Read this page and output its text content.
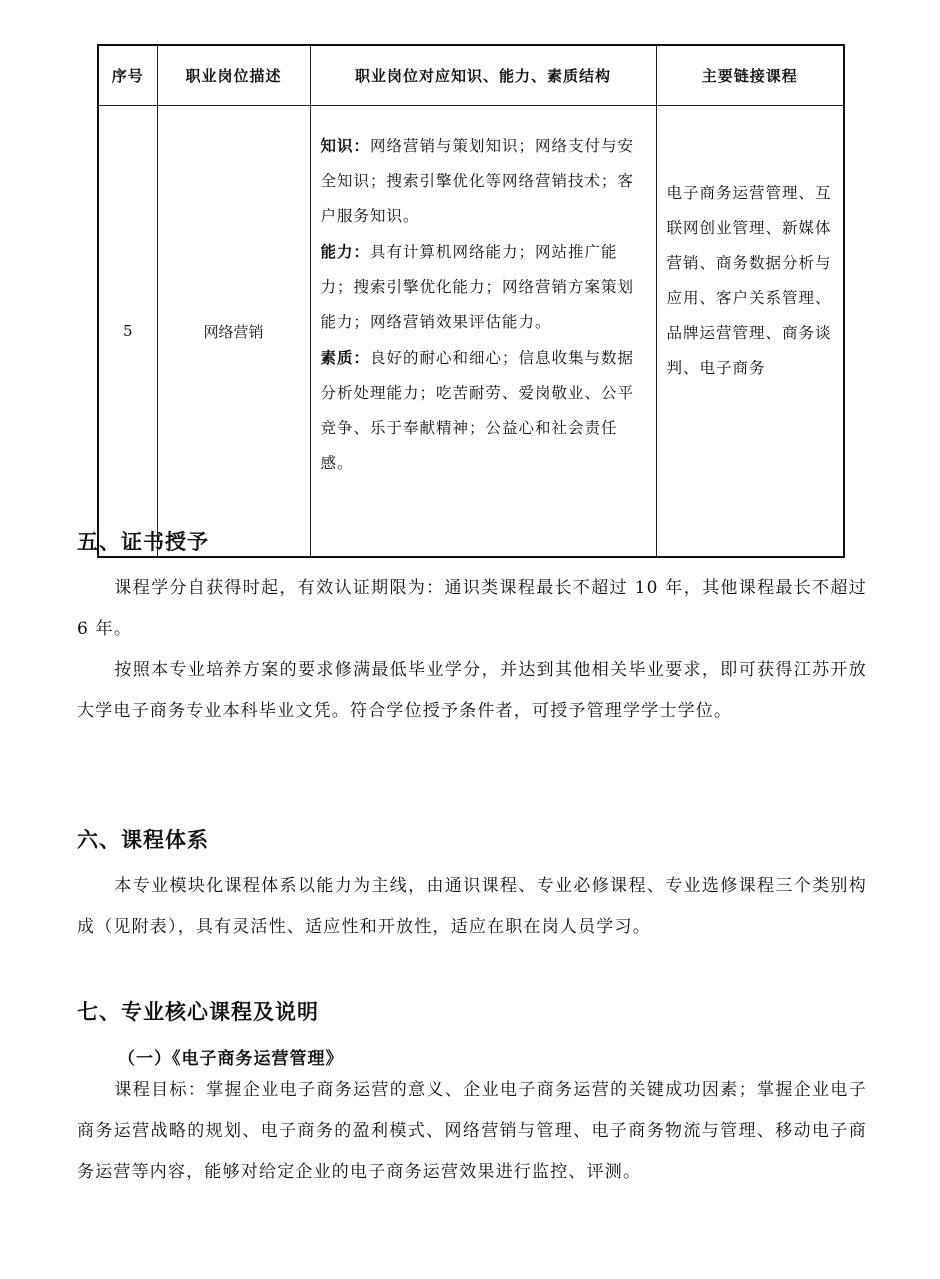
序号	职业岗位描述	职业岗位对应知识、能力、素质结构	主要链接课程
5	网络营销	知识：网络营销与策划知识；网络支付与安全知识；搜索引擎优化等网络营销技术；客户服务知识。
能力：具有计算机网络能力；网站推广能力；搜索引擎优化能力；网络营销方案策划能力；网络营销效果评估能力。
素质：良好的耐心和细心；信息收集与数据分析处理能力；吃苦耐劳、爱岗敬业、公平竞争、乐于奉献精神；公益心和社会责任感。	电子商务运营管理、互联网创业管理、新媒体营销、商务数据分析与应用、客户关系管理、品牌运营管理、商务谈判、电子商务
五、证书授予
课程学分自获得时起，有效认证期限为：通识类课程最长不超过 10 年，其他课程最长不超过 6 年。
按照本专业培养方案的要求修满最低毕业学分，并达到其他相关毕业要求，即可获得江苏开放大学电子商务专业本科毕业文凭。符合学位授予条件者，可授予管理学学士学位。
六、课程体系
本专业模块化课程体系以能力为主线，由通识课程、专业必修课程、专业选修课程三个类别构成（见附表），具有灵活性、适应性和开放性，适应在职在岗人员学习。
七、专业核心课程及说明
（一）《电子商务运营管理》
课程目标：掌握企业电子商务运营的意义、企业电子商务运营的关键成功因素；掌握企业电子商务运营战略的规划、电子商务的盈利模式、网络营销与管理、电子商务物流与管理、移动电子商务运营等内容，能够对给定企业的电子商务运营效果进行监控、评测。
